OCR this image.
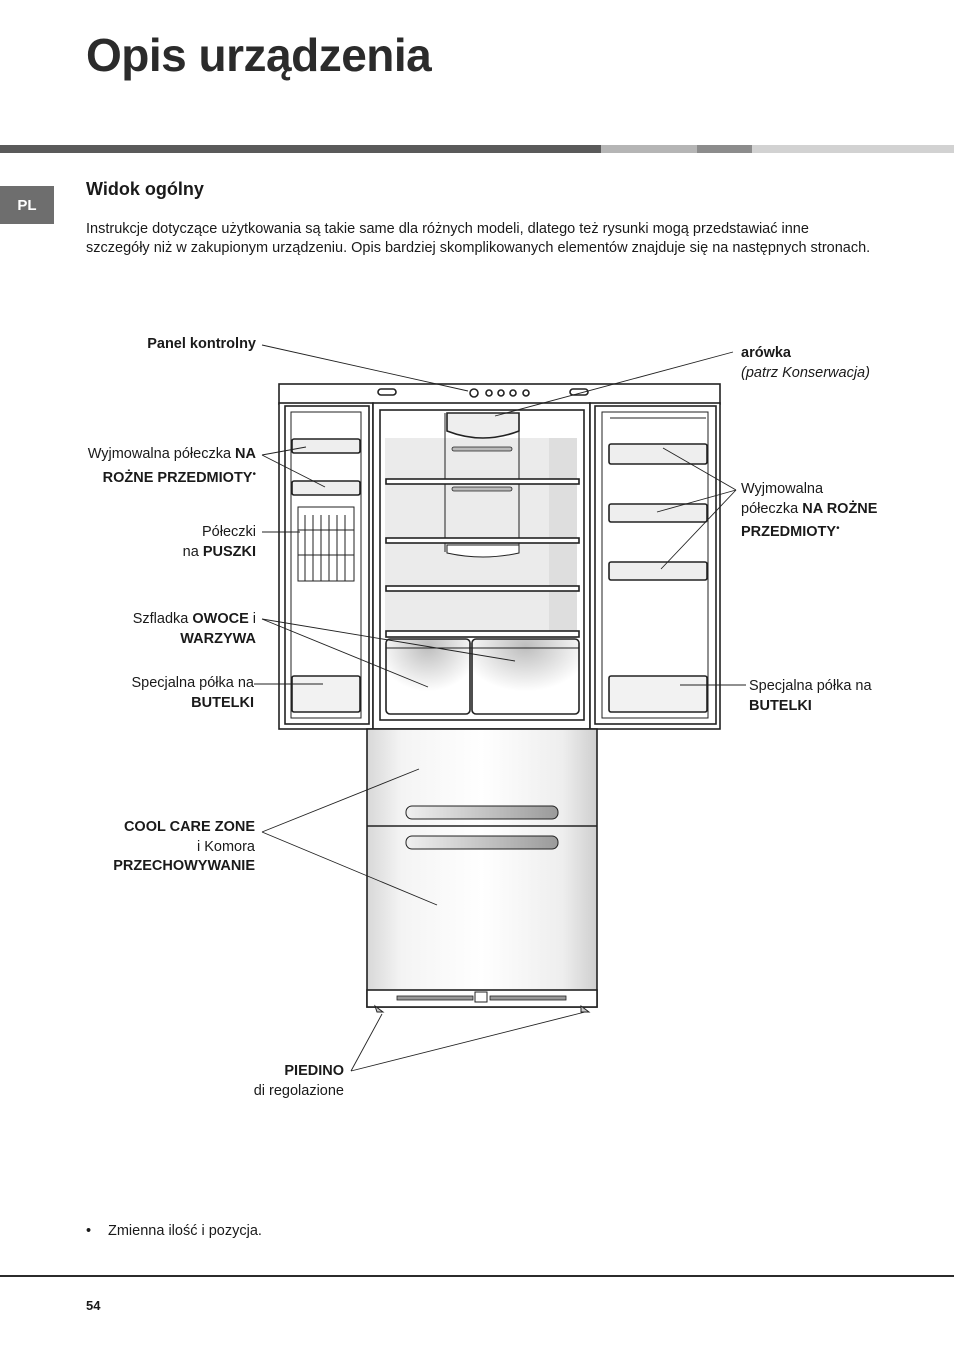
Opis urządzenia
PL
Widok ogólny

Instrukcje dotyczące użytkowania są takie same dla różnych modeli, dlatego też rysunki mogą przedstawiać inne szczegóły niż w zakupionym urządzeniu. Opis bardziej skomplikowanych elementów znajduje się na następnych stronach.

Panel kontrolny
arówka
(patrz Konserwacja)
Wyjmowalna półeczka NA
ROŻNE PRZEDMIOTY•
Półeczki
na PUSZKI
Szfladka OWOCE i
WARZYWA
Specjalna półka na
BUTELKI
Wyjmowalna
półeczka NA ROŻNE
PRZEDMIOTY•
Specjalna półka na
BUTELKI
COOL CARE ZONE
i Komora
PRZECHOWYWANIE
PIEDINO
di regolazione
• Zmienna ilość i pozycja.
54
